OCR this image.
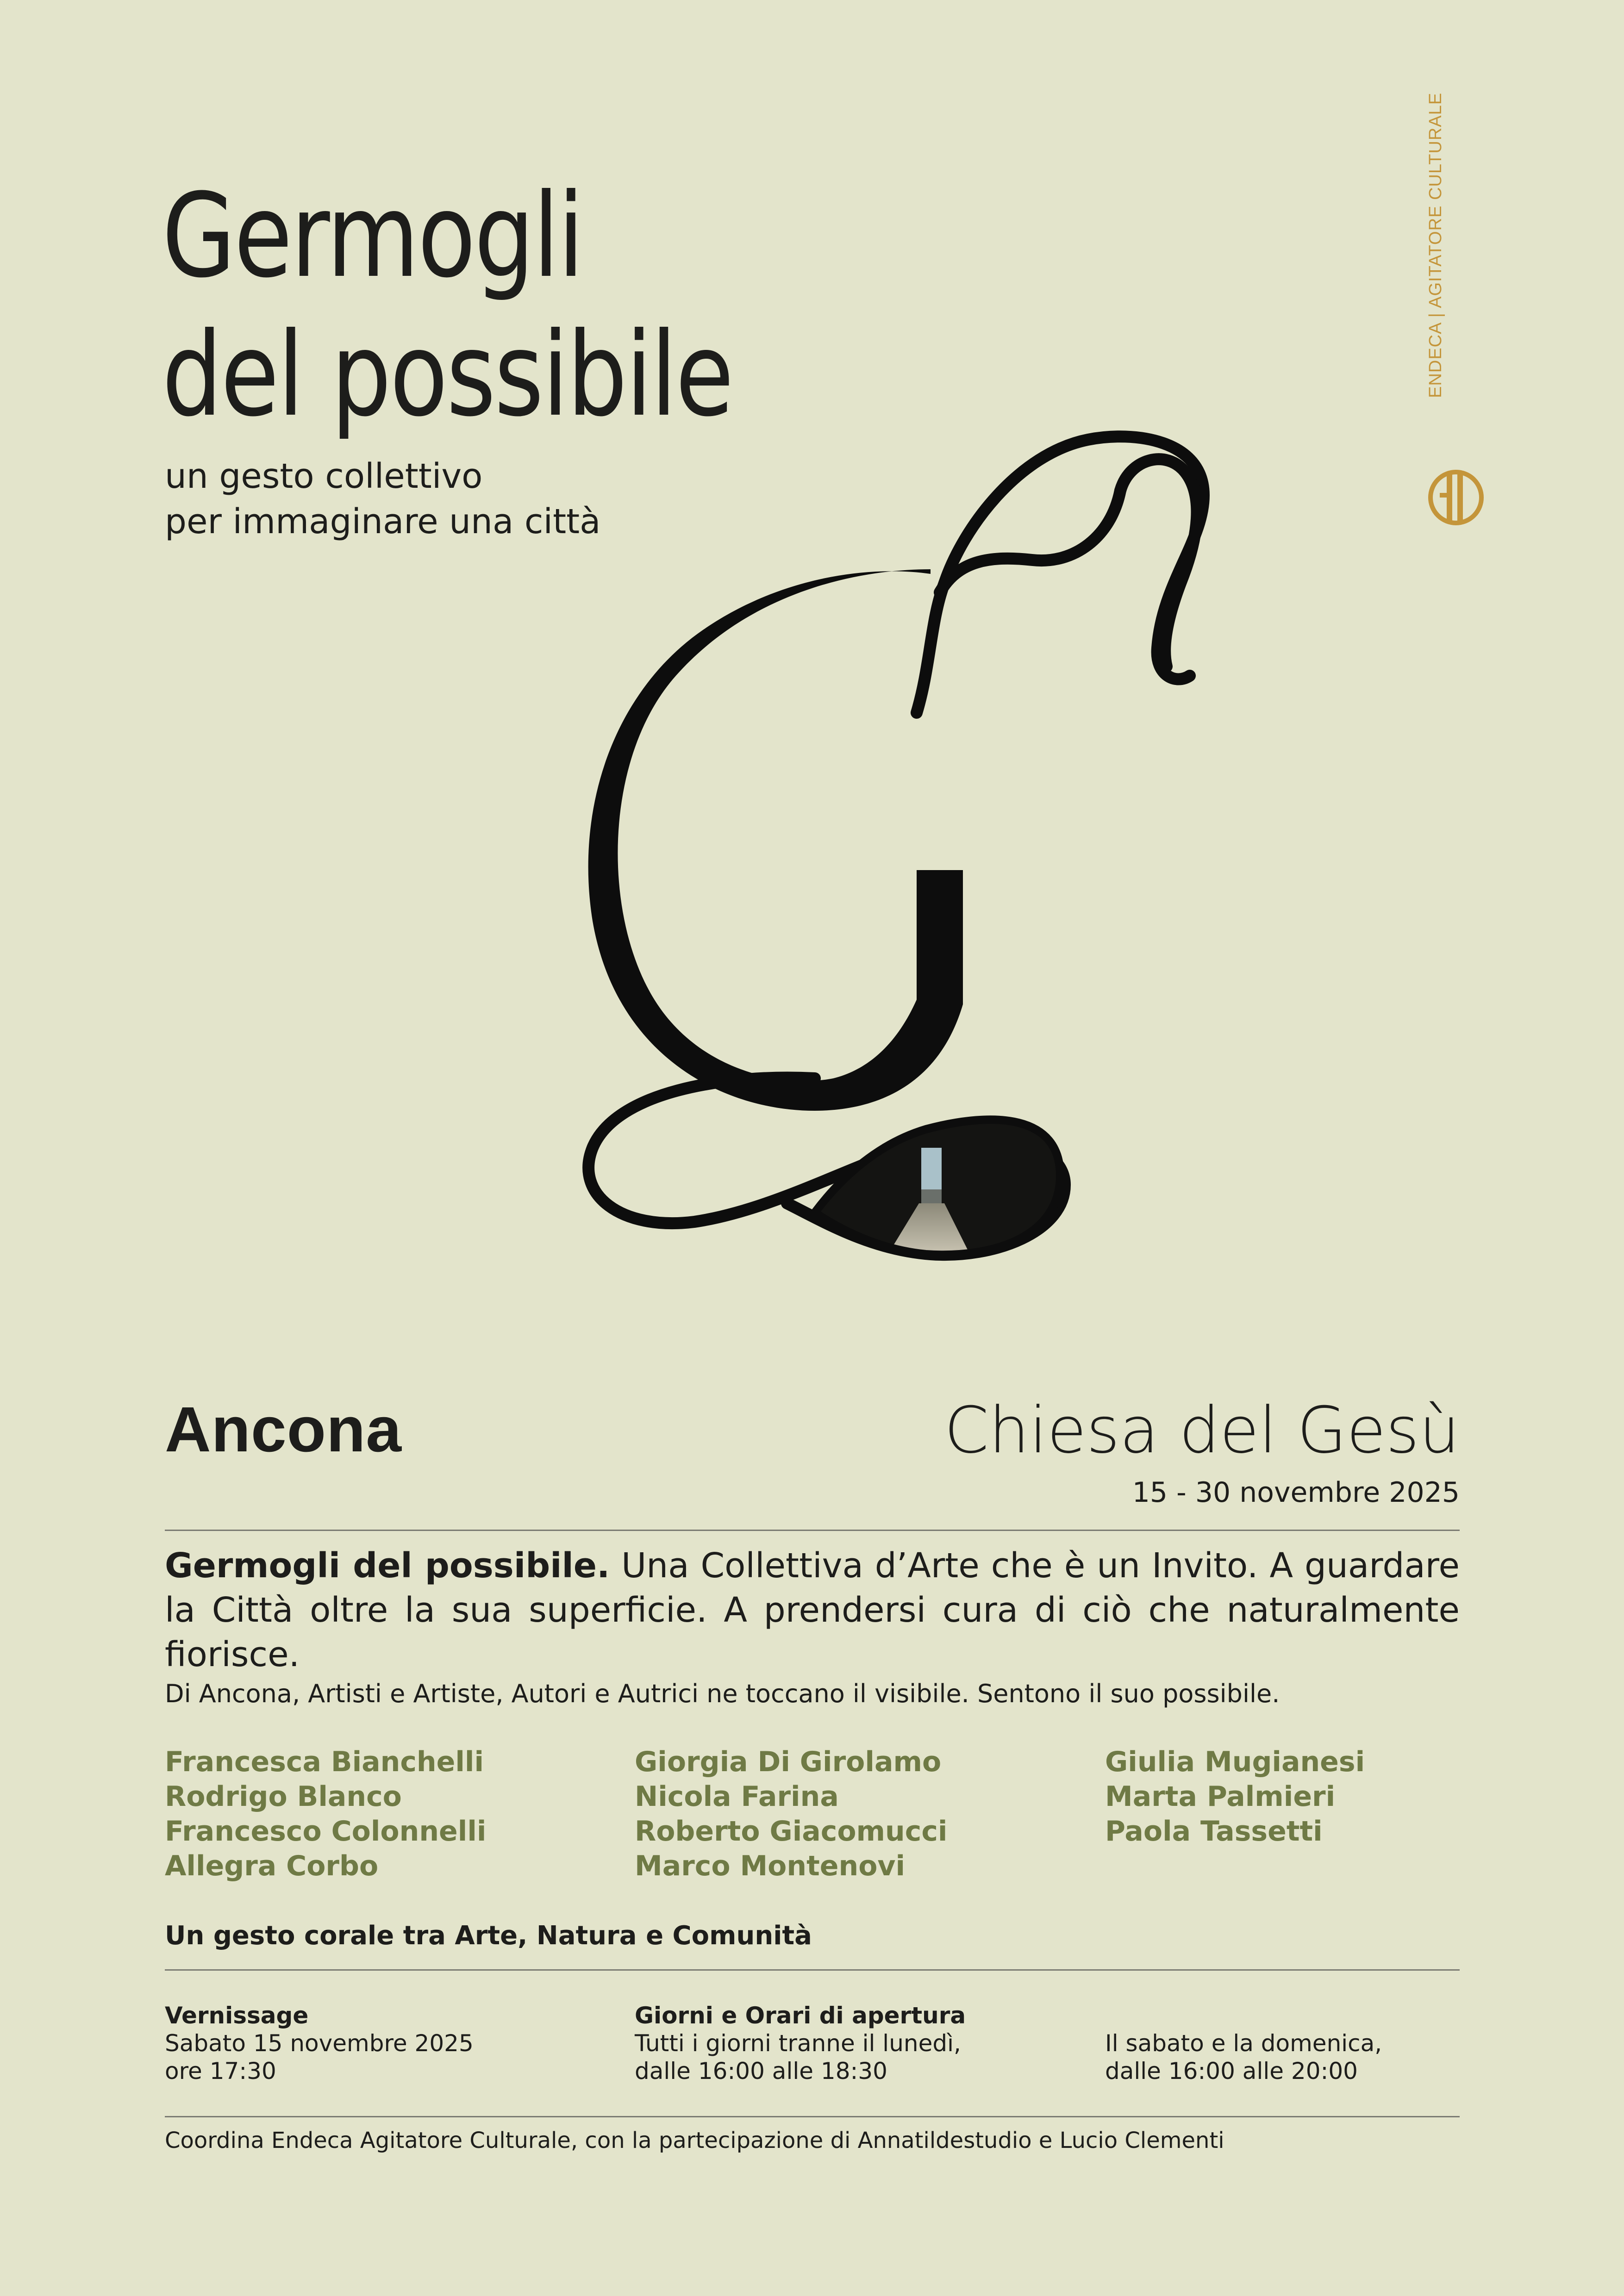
Germogli
del possibile
un gesto collettivo
per immaginare una città
ENDECA | AGITATORE CULTURALE
Ancona	Chiesa del Gesù
15 - 30 novembre 2025
Germogli del possibile. Una Collettiva d’Arte che è un Invito. A guardare la Città oltre la sua superficie. A prendersi cura di ciò che naturalmente fiorisce.
Di Ancona, Artisti e Artiste, Autori e Autrici ne toccano il visibile. Sentono il suo possibile.
Francesca Bianchelli
Rodrigo Blanco
Francesco Colonnelli
Allegra Corbo
Giorgia Di Girolamo
Nicola Farina
Roberto Giacomucci
Marco Montenovi
Giulia Mugianesi
Marta Palmieri
Paola Tassetti
Un gesto corale tra Arte, Natura e Comunità
Vernissage
Sabato 15 novembre 2025
ore 17:30
Giorni e Orari di apertura
Tutti i giorni tranne il lunedì,
dalle 16:00 alle 18:30
Il sabato e la domenica,
dalle 16:00 alle 20:00
Coordina Endeca Agitatore Culturale, con la partecipazione di Annatildestudio e Lucio Clementi
